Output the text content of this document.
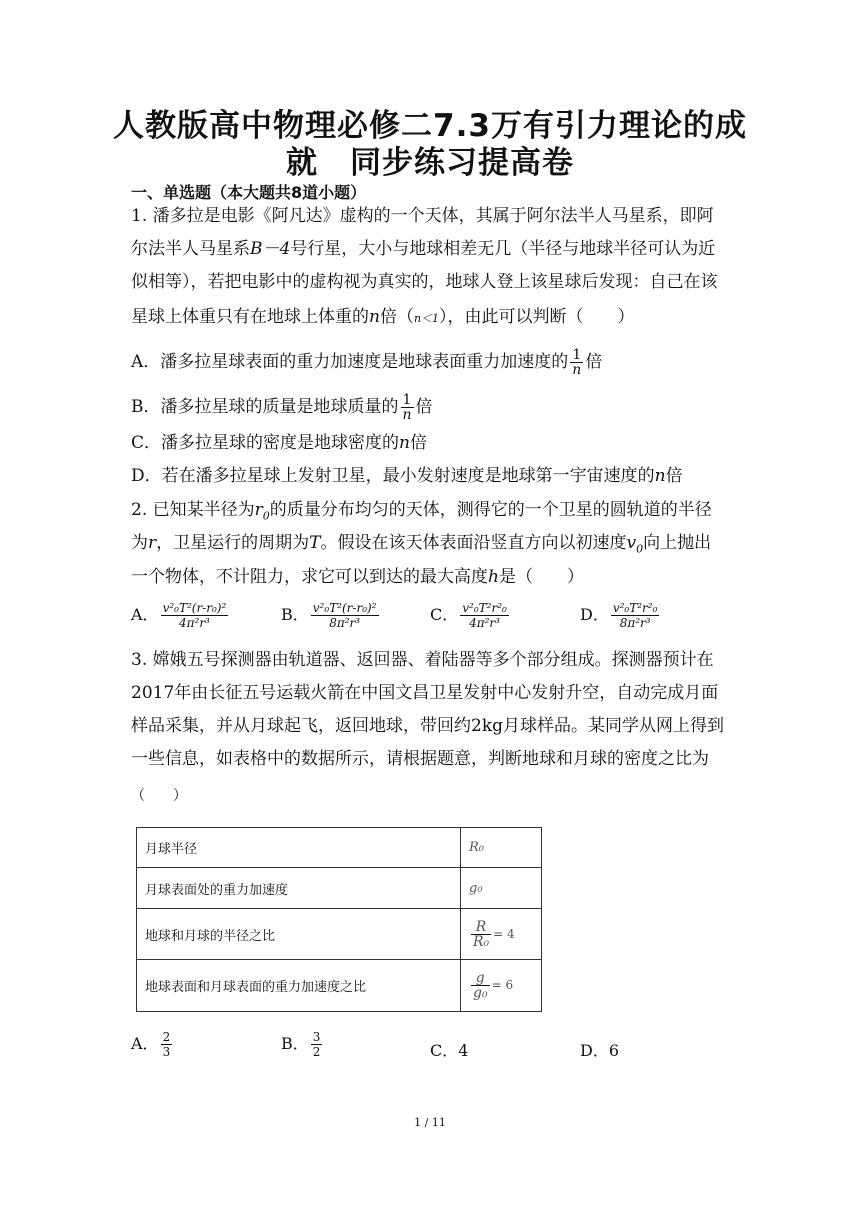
人教版高中物理必修二7.3万有引力理论的成
就　同步练习提高卷
一、单选题（本大题共8道小题）
1. 潘多拉是电影《阿凡达》虚构的一个天体，其属于阿尔法半人马星系，即阿
尔法半人马星系B－4号行星，大小与地球相差无几（半径与地球半径可认为近
似相等），若把电影中的虚构视为真实的，地球人登上该星球后发现：自己在该
星球上体重只有在地球上体重的n倍（n＜1），由此可以判断（　　）
A．潘多拉星球表面的重力加速度是地球表面重力加速度的 $\frac{1}{n}$ 倍
B．潘多拉星球的质量是地球质量的 $\frac{1}{n}$ 倍
C．潘多拉星球的密度是地球密度的n倍
D．若在潘多拉星球上发射卫星，最小发射速度是地球第一宇宙速度的n倍
2. 已知某半径为$r_0$的质量分布均匀的天体，测得它的一个卫星的圆轨道的半径
为r，卫星运行的周期为T。假设在该天体表面沿竖直方向以初速度$v_0$向上抛出
一个物体，不计阻力，求它可以到达的最大高度h是（　　）
A． $\frac{\text{v²₀T²(r-r₀)²}}{\text{4π²r³}}$	B． $\frac{\text{v²₀T²(r-r₀)²}}{\text{8π²r³}}$	C． $\frac{\text{v²₀T²r²₀}}{\text{4π²r³}}$	D． $\frac{\text{v²₀T²r²₀}}{\text{8π²r³}}$
3. 嫦娥五号探测器由轨道器、返回器、着陆器等多个部分组成。探测器预计在
2017年由长征五号运载火箭在中国文昌卫星发射中心发射升空，自动完成月面
样品采集，并从月球起飞，返回地球，带回约2kg月球样品。某同学从网上得到
一些信息，如表格中的数据所示，请根据题意，判断地球和月球的密度之比为
（　　）
月球半径	R₀
月球表面处的重力加速度	g₀
地球和月球的半径之比	$\frac{R}{\text{R₀}} = 4$
地球表面和月球表面的重力加速度之比	$\frac{g}{\text{g₀}} = 6$
A． $\frac{2}{3}$	B． $\frac{3}{2}$	C．4	D．6
1 / 11
